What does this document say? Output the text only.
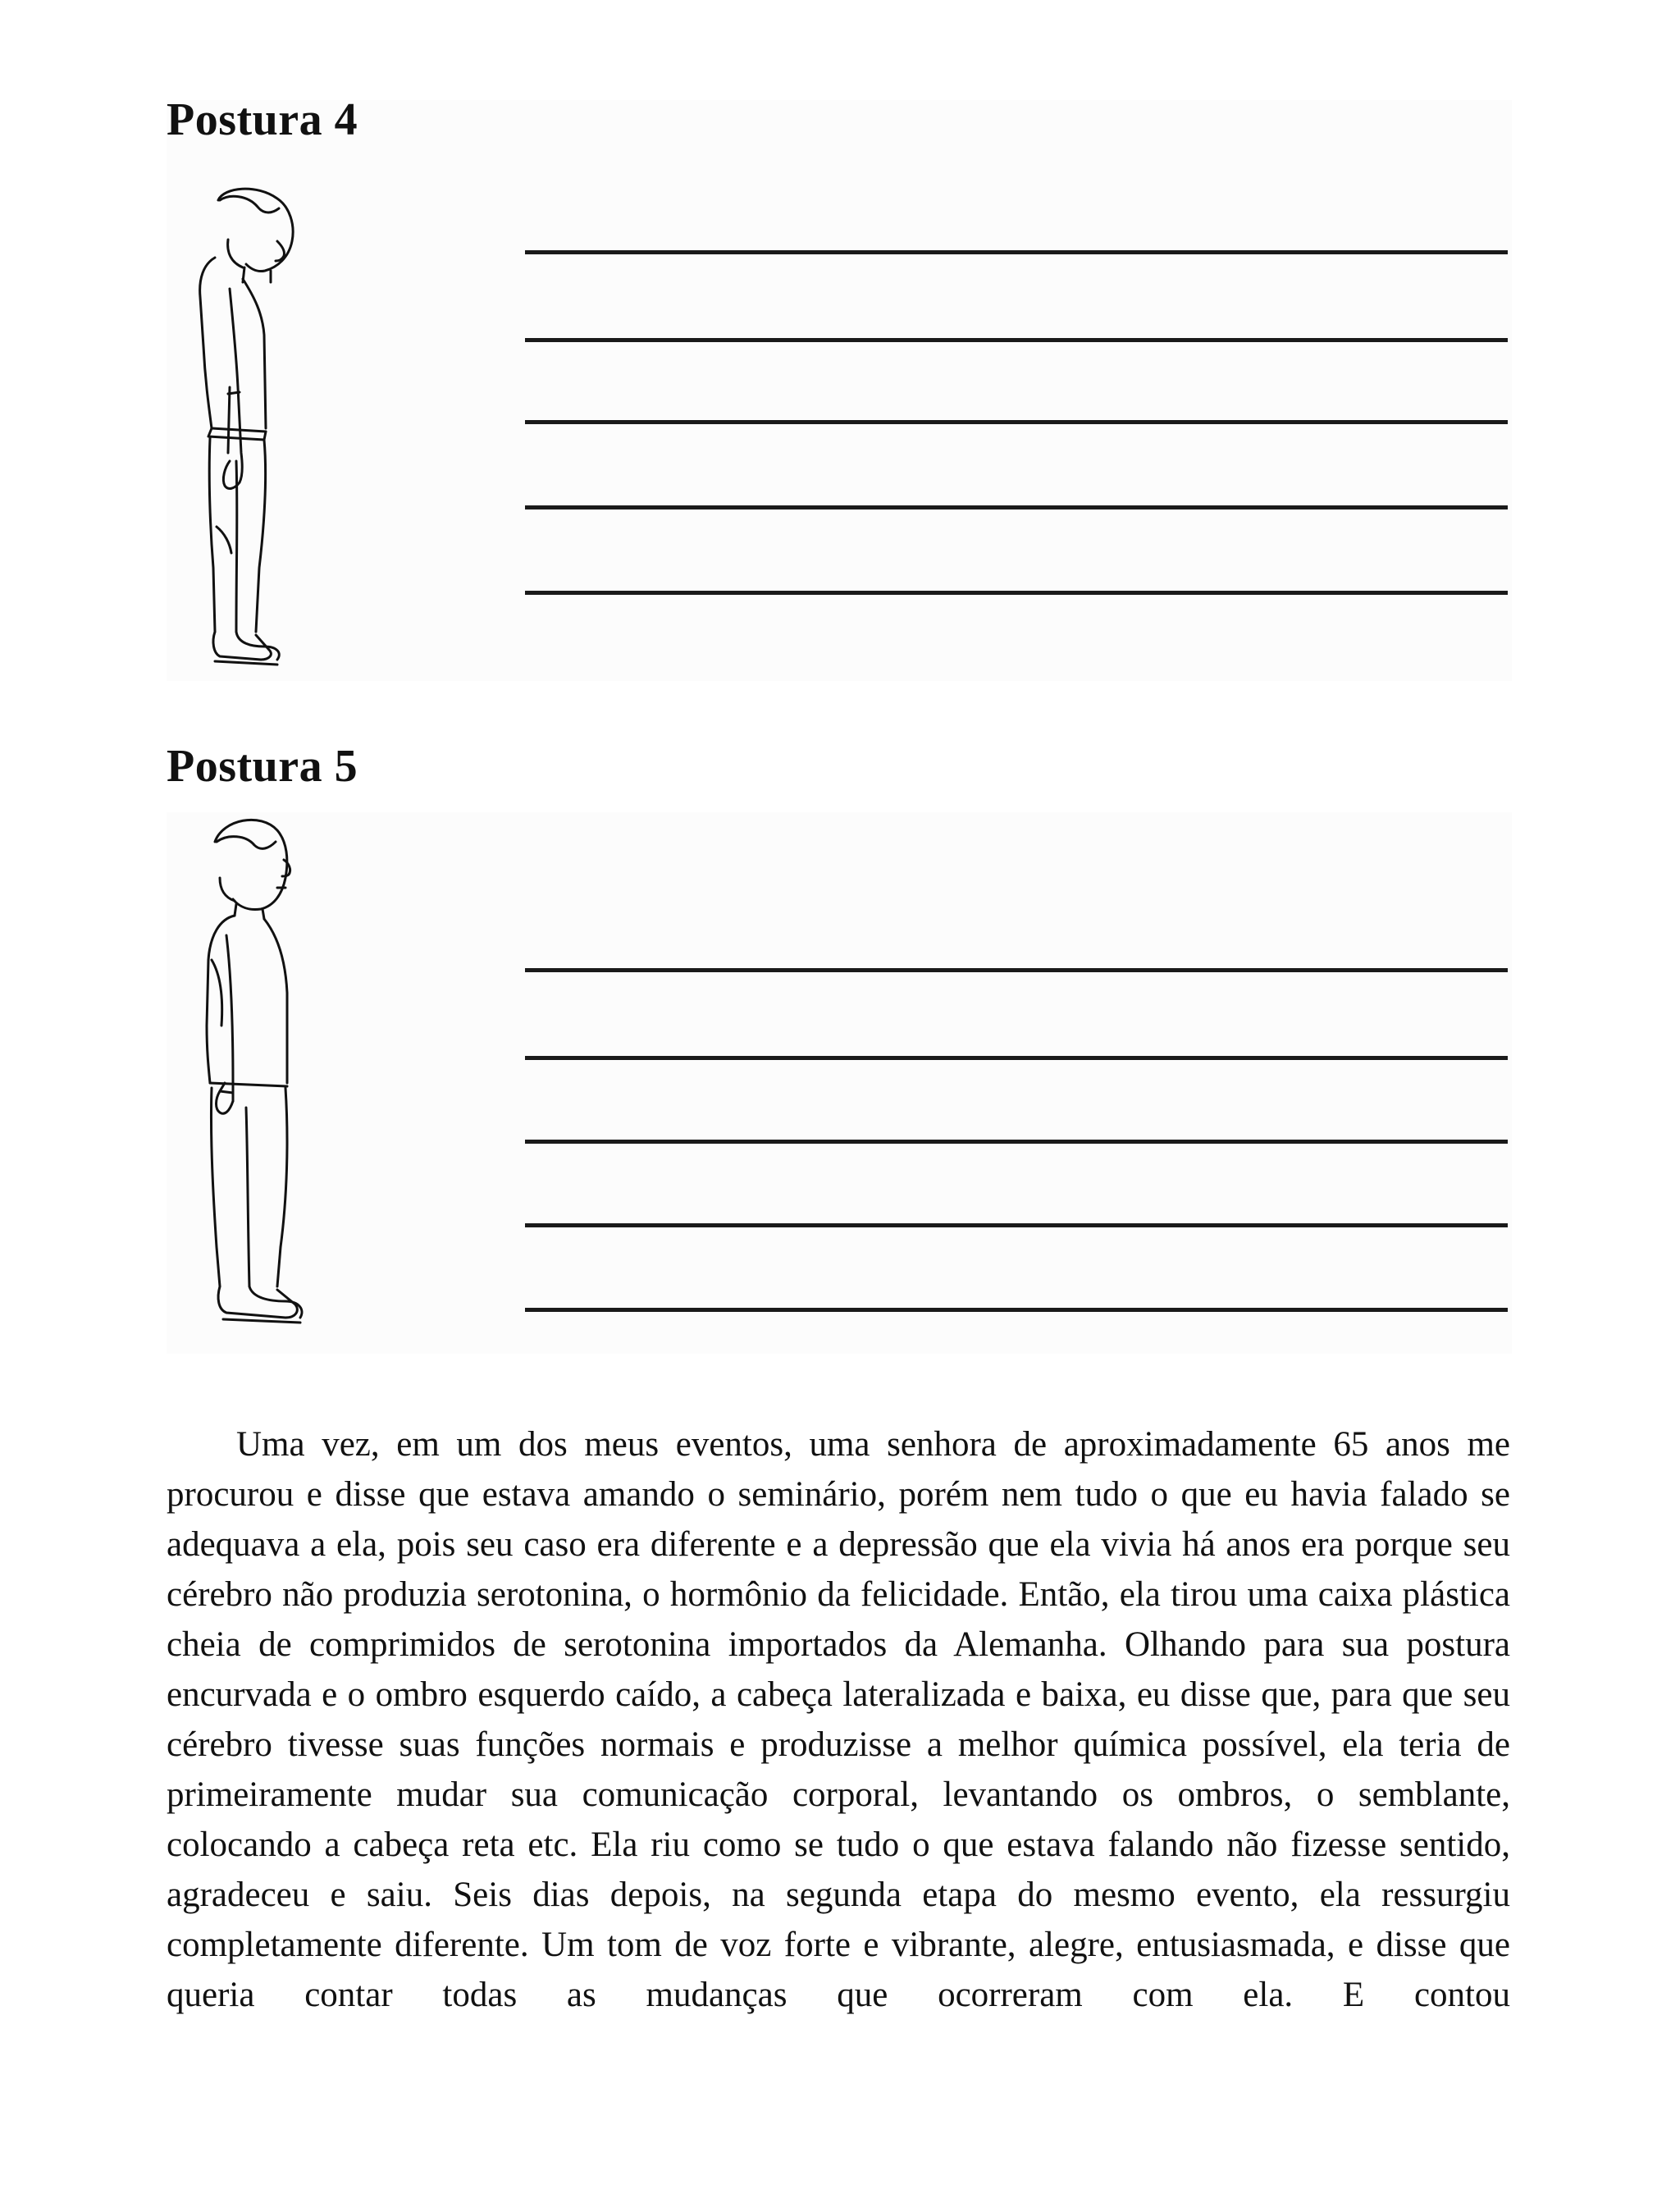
Postura 4
Postura 5

Uma vez, em um dos meus eventos, uma senhora de aproximadamente 65 anos me procurou e disse que estava amando o seminário, porém nem tudo o que eu havia falado se adequava a ela, pois seu caso era diferente e a depressão que ela vivia há anos era porque seu cérebro não produzia serotonina, o hormônio da felicidade. Então, ela tirou uma caixa plástica cheia de comprimidos de serotonina importados da Alemanha. Olhando para sua postura encurvada e o ombro esquerdo caído, a cabeça lateralizada e baixa, eu disse que, para que seu cérebro tivesse suas funções normais e produzisse a melhor química possível, ela teria de primeiramente mudar sua comunicação corporal, levantando os ombros, o semblante, colocando a cabeça reta etc. Ela riu como se tudo o que estava falando não fizesse sentido, agradeceu e saiu. Seis dias depois, na segunda etapa do mesmo evento, ela ressurgiu completamente diferente. Um tom de voz forte e vibrante, alegre, entusiasmada, e disse que queria contar todas as mudanças que ocorreram com ela. E contou
